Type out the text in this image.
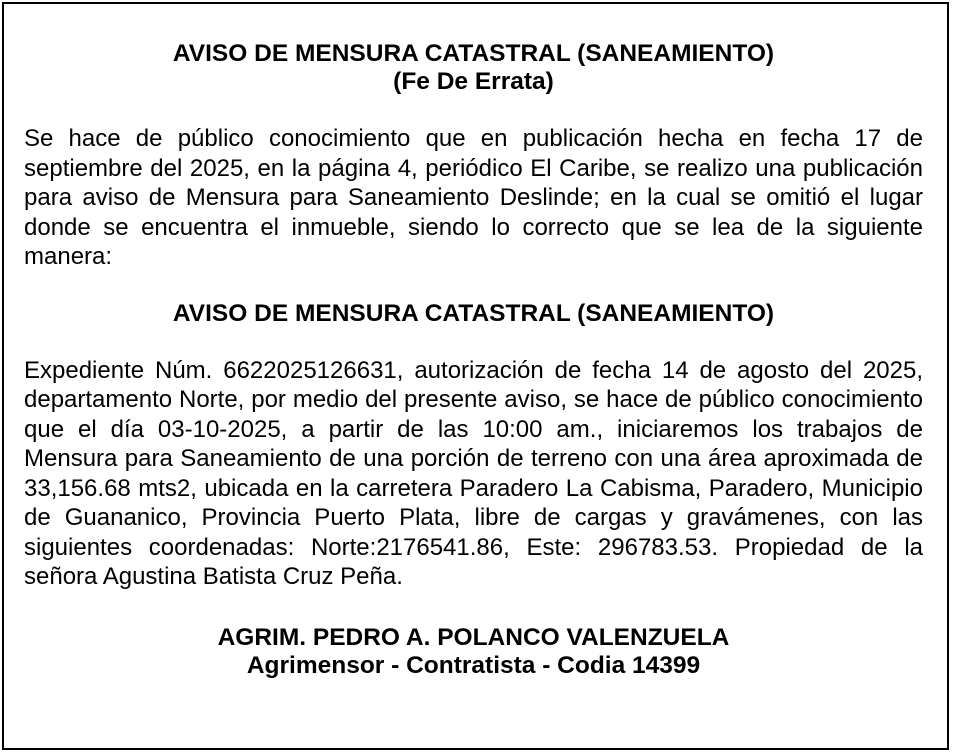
AVISO DE MENSURA CATASTRAL (SANEAMIENTO)
(Fe De Errata)

Se hace de público conocimiento que en publicación hecha en fecha 17 de septiembre del 2025, en la página 4, periódico El Caribe, se realizo una publicación para aviso de Mensura para Saneamiento Deslinde; en la cual se omitió el lugar donde se encuentra el inmueble, siendo lo correcto que se lea de la siguiente manera:

AVISO DE MENSURA CATASTRAL (SANEAMIENTO)

Expediente Núm. 6622025126631, autorización de fecha 14 de agosto del 2025, departamento Norte, por medio del presente aviso, se hace de público conocimiento que el día 03-10-2025, a partir de las 10:00 am., iniciaremos los trabajos de Mensura para Saneamiento de una porción de terreno con una área aproximada de 33,156.68 mts2, ubicada en la carretera Paradero La Cabisma, Paradero, Municipio de Guananico, Provincia Puerto Plata, libre de cargas y gravámenes, con las siguientes coordenadas: Norte:2176541.86, Este: 296783.53. Propiedad de la señora Agustina Batista Cruz Peña.

AGRIM. PEDRO A. POLANCO VALENZUELA
Agrimensor - Contratista - Codia 14399
